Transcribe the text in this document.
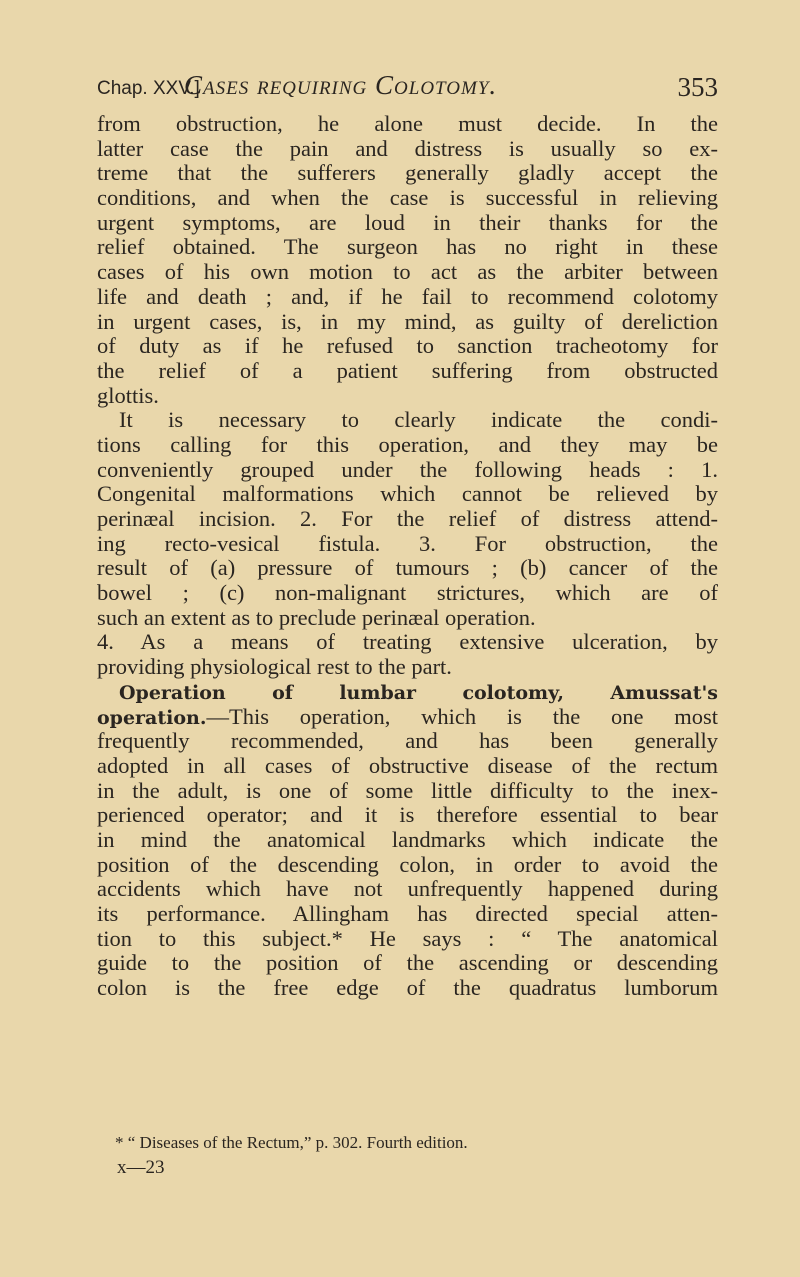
Chap. XXV.]
Cases requiring Colotomy.	353
from obstruction, he alone must decide. In the
latter case the pain and distress is usually so ex-
treme that the sufferers generally gladly accept the
conditions, and when the case is successful in relieving
urgent symptoms, are loud in their thanks for the
relief obtained. The surgeon has no right in these
cases of his own motion to act as the arbiter between
life and death ; and, if he fail to recommend colotomy
in urgent cases, is, in my mind, as guilty of dereliction
of duty as if he refused to sanction tracheotomy for
the relief of a patient suffering from obstructed
glottis.
It is necessary to clearly indicate the condi-
tions calling for this operation, and they may be
conveniently grouped under the following heads : 1.
Congenital malformations which cannot be relieved by
perinæal incision. 2. For the relief of distress attend-
ing recto-vesical fistula. 3. For obstruction, the
result of (a) pressure of tumours ; (b) cancer of the
bowel ; (c) non-malignant strictures, which are of
such an extent as to preclude perinæal operation.
4. As a means of treating extensive ulceration, by
providing physiological rest to the part.
Operation of lumbar colotomy, Amussat's
operation.—This operation, which is the one most
frequently recommended, and has been generally
adopted in all cases of obstructive disease of the rectum
in the adult, is one of some little difficulty to the inex-
perienced operator; and it is therefore essential to bear
in mind the anatomical landmarks which indicate the
position of the descending colon, in order to avoid the
accidents which have not unfrequently happened during
its performance. Allingham has directed special atten-
tion to this subject.* He says : “ The anatomical
guide to the position of the ascending or descending
colon is the free edge of the quadratus lumborum
* “ Diseases of the Rectum,” p. 302. Fourth edition.
x—23
